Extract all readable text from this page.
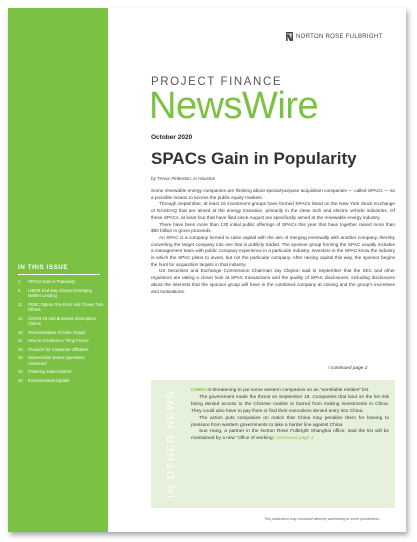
IN THIS ISSUE
1	SPACs Gain in Popularity
5	LIBOR End May Disrupt Emerging Market Lending
11	FERC Opens One Door and Closes Two Others
14	COVID-19 and Business Interruption Claims
18	Overestimation of Solar Output
21	How to Construct a "Ring Fence"
25	Products for Corporate Offtakers
28	Depreciation Bonus Questions Answered
32	Powering Data Centers
34	Environmental Update
NORTON ROSE FULBRIGHT
PROJECT FINANCE
NewsWire
October 2020
SPACs Gain in Popularity
by Trevor Pinkerton, in Houston

Some renewable energy companies are thinking about special-purpose acquisition companies — called SPACs — as a possible means to access the public equity markets.

Through September, at least 16 investment groups have formed SPACs listed on the New York Stock Exchange or NASDAQ that are aimed at the energy transition, primarily in the clean tech and electric vehicle industries. Of these SPACs, at least four that have filed since August are specifically aimed at the renewable energy industry.

There have been more than 130 initial public offerings of SPACs this year that have together raised more than $50 billion in gross proceeds.

An SPAC is a company formed to raise capital with the aim of merging eventually with another company, thereby converting the target company into one that is publicly traded. The sponsor group forming the SPAC usually includes a management team with public company experience in a particular industry. Investors in the SPAC know the industry in which the SPAC plans to invest, but not the particular company. After raising capital this way, the sponsor begins the hunt for acquisition targets in that industry.

US Securities and Exchange Commission Chairman Jay Clayton said in September that the SEC and other regulators are taking a closer look at SPAC transactions and the quality of SPAC disclosures, including disclosures about the interests that the sponsor group will have in the combined company at closing and the group's incentives and motivations.

/ continued page 2
IN OTHER NEWS	CHINA is threatening to put some western companies on an "unreliable entities" list.

The government made the threat on September 19. Companies that land on the list risk being denied access to the Chinese market or barred from making investments in China. They could also have to pay fines or find their executives denied entry into China.

The action puts companies on notice that China may penalize them for bowing to pressure from western governments to take a harder line against China.

Sun Hong, a partner in the Norton Rose Fulbright Shanghai office, said the list will be maintained by a new "office of working / continued page 3

This publication may constitute attorney advertising in some jurisdictions.
